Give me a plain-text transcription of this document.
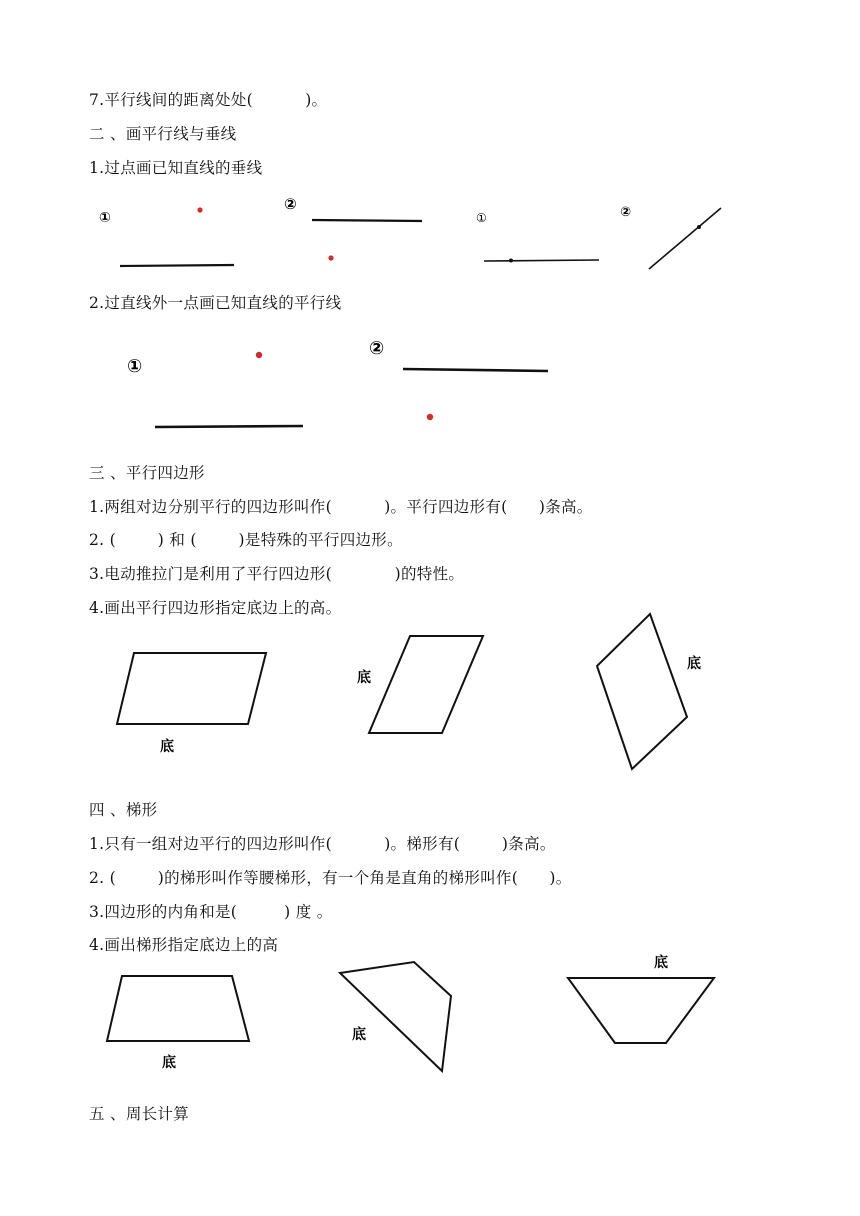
7.平行线间的距离处处(          )。
二 、画平行线与垂线
1.过点画已知直线的垂线
①
②
①	②
2.过直线外一点画已知直线的平行线
①
②
三 、平行四边形
1.两组对边分别平行的四边形叫作(          )。平行四边形有(      )条高。
2. (        ) 和 (        )是特殊的平行四边形。
3.电动推拉门是利用了平行四边形(            )的特性。
4.画出平行四边形指定底边上的高。
底
底
底
四 、梯形
1.只有一组对边平行的四边形叫作(          )。梯形有(        )条高。
2. (        )的梯形叫作等腰梯形，有一个角是直角的梯形叫作(      )。
3.四边形的内角和是(         ) 度 。
4.画出梯形指定底边上的高
底
底
底
五 、周长计算
